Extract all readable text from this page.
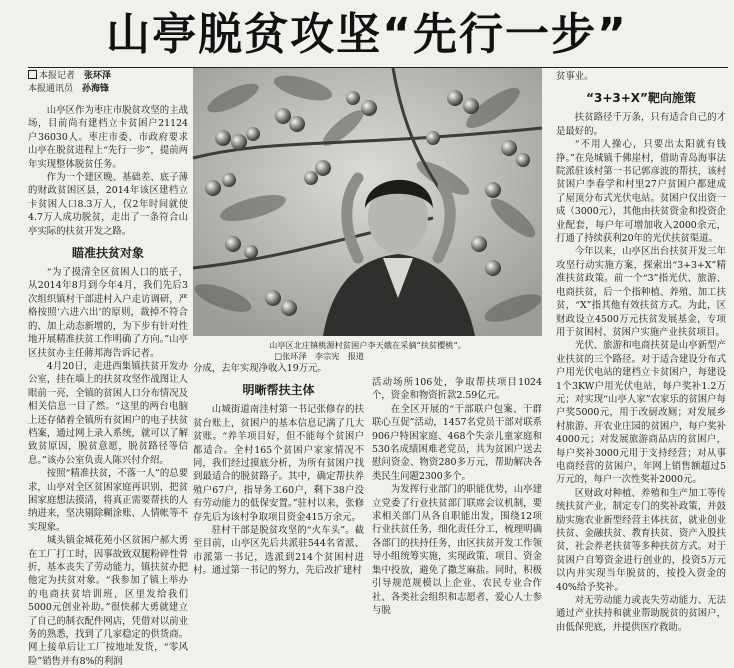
山亭脱贫攻坚“先行一步”
本报记者　 张环泽
本报通讯员　 孙海锋

山亭区作为枣庄市脱贫攻坚的主战场，目前尚有建档立卡贫困户21124户36030人。枣庄市委、市政府要求山亭在脱贫进程上“先行一步”，提前两年实现整体脱贫任务。

作为一个建区晚、基础差、底子薄的财政贫困区县，2014年该区建档立卡贫困人口8.3万人，仅2年时间就使4.7万人成功脱贫，走出了一条符合山亭实际的扶贫开发之路。

瞄准扶贫对象

“为了摸清全区贫困人口的底子，从2014年8月到今年4月，我们先后3次组织镇村干部进村入户走访调研，严格按照‘六进六出’的原则，裁掉不符合的、加上动态新增的，为下步有针对性地开展精准扶贫工作明确了方向。”山亭区扶贫办主任蔣邦海告诉记者。

4月20日，走进西集镇扶贫开发办公室，挂在墙上的扶贫攻坚作战图让人眼前一亮，全镇的贫困人口分布情况及相关信息一目了然。“这里的两台电脑上还存储着全镇所有贫困户的电子扶贫档案，通过网上录入系统，就可以了解致贫原因，脱贫意愿，脱贫路径等信息。”该办公室负责人陈兴付介绍。

按照“精准扶贫，不落一人”的总要求，山亭对全区贫困家庭再识别，把贫困家庭想法摸清，将真正需要帮扶的人纳进来，坚决剔除糊涂账、人情帐等不实现象。

城头镇金城花苑小区贫困户郝大勇在工厂打工时，因事故致双腿粉碎性骨折，基本丧失了劳动能力，镇扶贫办把他定为扶贫对象。“我参加了镇上举办的电商扶贫培训班，区里发给我们5000元创业补助。”很快郝大勇就建立了自己的制衣配件网店，凭借对以前业务的熟悉，找到了几家稳定的供货商。网上接单后让工厂按地址发货，“零风险”销售并有8%的利润

山亭区北庄镇桃源村贫困户李天娥在采摘“扶贫樱桃”。
□张环泽　李宗宪　报道
分成，去年实现净收入19万元。
明晰帮扶主体

山城街道南洼村第一书记张修存的扶贫台账上，贫困户的基本信息记满了几大贫账。“养羊项目好，但不能每个贫困户都适合。全村165个贫困户家家情况不同，我们经过摸底分析，为所有贫困户找到最适合的脱贫路子。其中，确定帮扶养殖户67户，指导务工60户，剩下38户没有劳动能力的低保安置。”驻村以来，张修存先后为该村争取项目资金415万余元。

驻村干部是脱贫攻坚的“火车头”。截至目前，山亭区先后共派驻544名省派、市派第一书记，选派到214个贫困村进村。通过第一书记的努力，先后改扩建村

活动场所106处，争取帮扶项目1024个，资金和物资折款2.59亿元。

在全区开展的“干部联户包案、干群联心互促”活动，1457名党员干部对联系906户特困家庭、468个失亲儿童家庭和530名成绩困难老党员，共为贫困户送去慰问资金、物资280多万元，帮助解决各类民生问题2300多个。

为发挥行业部门的职能优势，山亭建立党委了行业扶贫部门联席会议机制，要求相关部门从各自职能出发，围绕12项行业扶贫任务，细化责任分工，梳理明确各部门的扶持任务，由区扶贫开发工作领导小组统筹实施，实现政策、项目、资金集中投放，避免了撒芝麻盐。同时，积极引导规范规模以上企业、农民专业合作社、各类社会组织和志愿者，爱心人士参与脱

贫事业。
“3+3+X”靶向施策

扶贫路径千万条，只有适合自己的才是最好的。

“不用人操心，只要出太阳就有钱挣。”在凫城镇千佛崖村，借助青岛海事法院派驻该村第一书记郭彦波的帮扶，该村贫困户李春学和村里27户贫困户都建成了屋顶分布式光伏电站。贫困户仅出资一成（3000元），其他由扶贫资金和投资企业配套，每户年可增加收入2000余元，打通了持续获利20年的光伏扶贫渠道。

今年以来，山亭区出台扶贫开发三年攻坚行动实施方案，探索出“3+3+X”精准扶贫政策。前一个“3”指光伏、旅游、电商扶贫，后一个指种植、养殖、加工扶贫，“X”指其他有效扶贫方式。为此，区财政设立4500万元扶贫发展基金，专项用于贫困村、贫困户实施产业扶贫项目。

光伏、旅游和电商扶贫是山亭新型产业扶贫的三个路径。对于适合建设分布式户用光伏电站的建档立卡贫困户，每建设1个3KW户用光伏电站，每户奖补1.2万元；对实现“山亭人家”农家乐的贫困户每户奖5000元，用于改厨改厕；对发展乡村旅游、开农业庄园的贫困户，每户奖补4000元；对发展旅游商品店的贫困户，每户奖补3000元用于支持经营；对从事电商经营的贫困户，年网上销售额超过5万元的，每户一次性奖补2000元。

区财政对种植、养殖和生产加工等传统扶贫产业，制定专门的奖补政策，并鼓励实施农业新型经营主体扶贫，就业创业扶贫、金融扶贫、教育扶贫、资产入股扶贫，社会养老扶贫等多种扶贫方式。对于贫困户自筹资金进行创业的，投资5万元以内并实现当年脱贫的，按投入资金的40%给予奖补。

对无劳动能力或丧失劳动能力、无法通过产业扶持和就业帮助脱贫的贫困户，由低保兜底，并提供医疗救助。
